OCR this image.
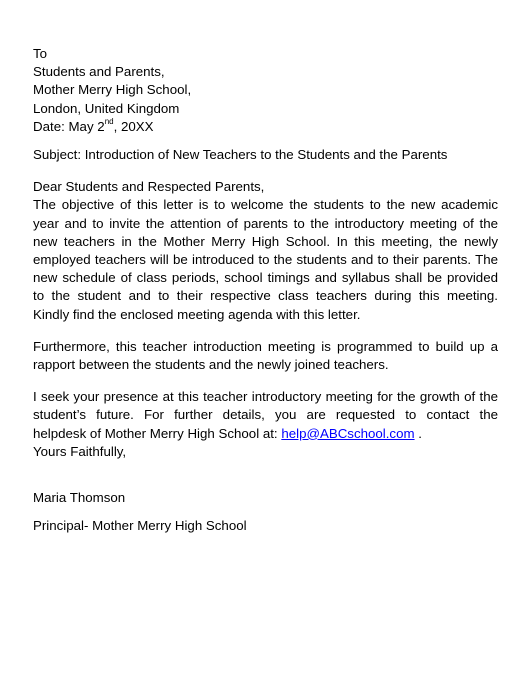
To
Students and Parents,
Mother Merry High School,
London, United Kingdom
Date: May 2nd, 20XX
Subject: Introduction of New Teachers to the Students and the Parents
Dear Students and Respected Parents,
The objective of this letter is to welcome the students to the new academic
year and to invite the attention of parents to the introductory meeting of the
new teachers in the Mother Merry High School. In this meeting, the newly
employed teachers will be introduced to the students and to their parents. The
new schedule of class periods, school timings and syllabus shall be provided
to the student and to their respective class teachers during this meeting.
Kindly find the enclosed meeting agenda with this letter.
Furthermore, this teacher introduction meeting is programmed to build up a
rapport between the students and the newly joined teachers.
I seek your presence at this teacher introductory meeting for the growth of the
student’s future. For further details, you are requested to contact the
helpdesk of Mother Merry High School at: help@ABCschool.com .
Yours Faithfully,
Maria Thomson
Principal- Mother Merry High School
